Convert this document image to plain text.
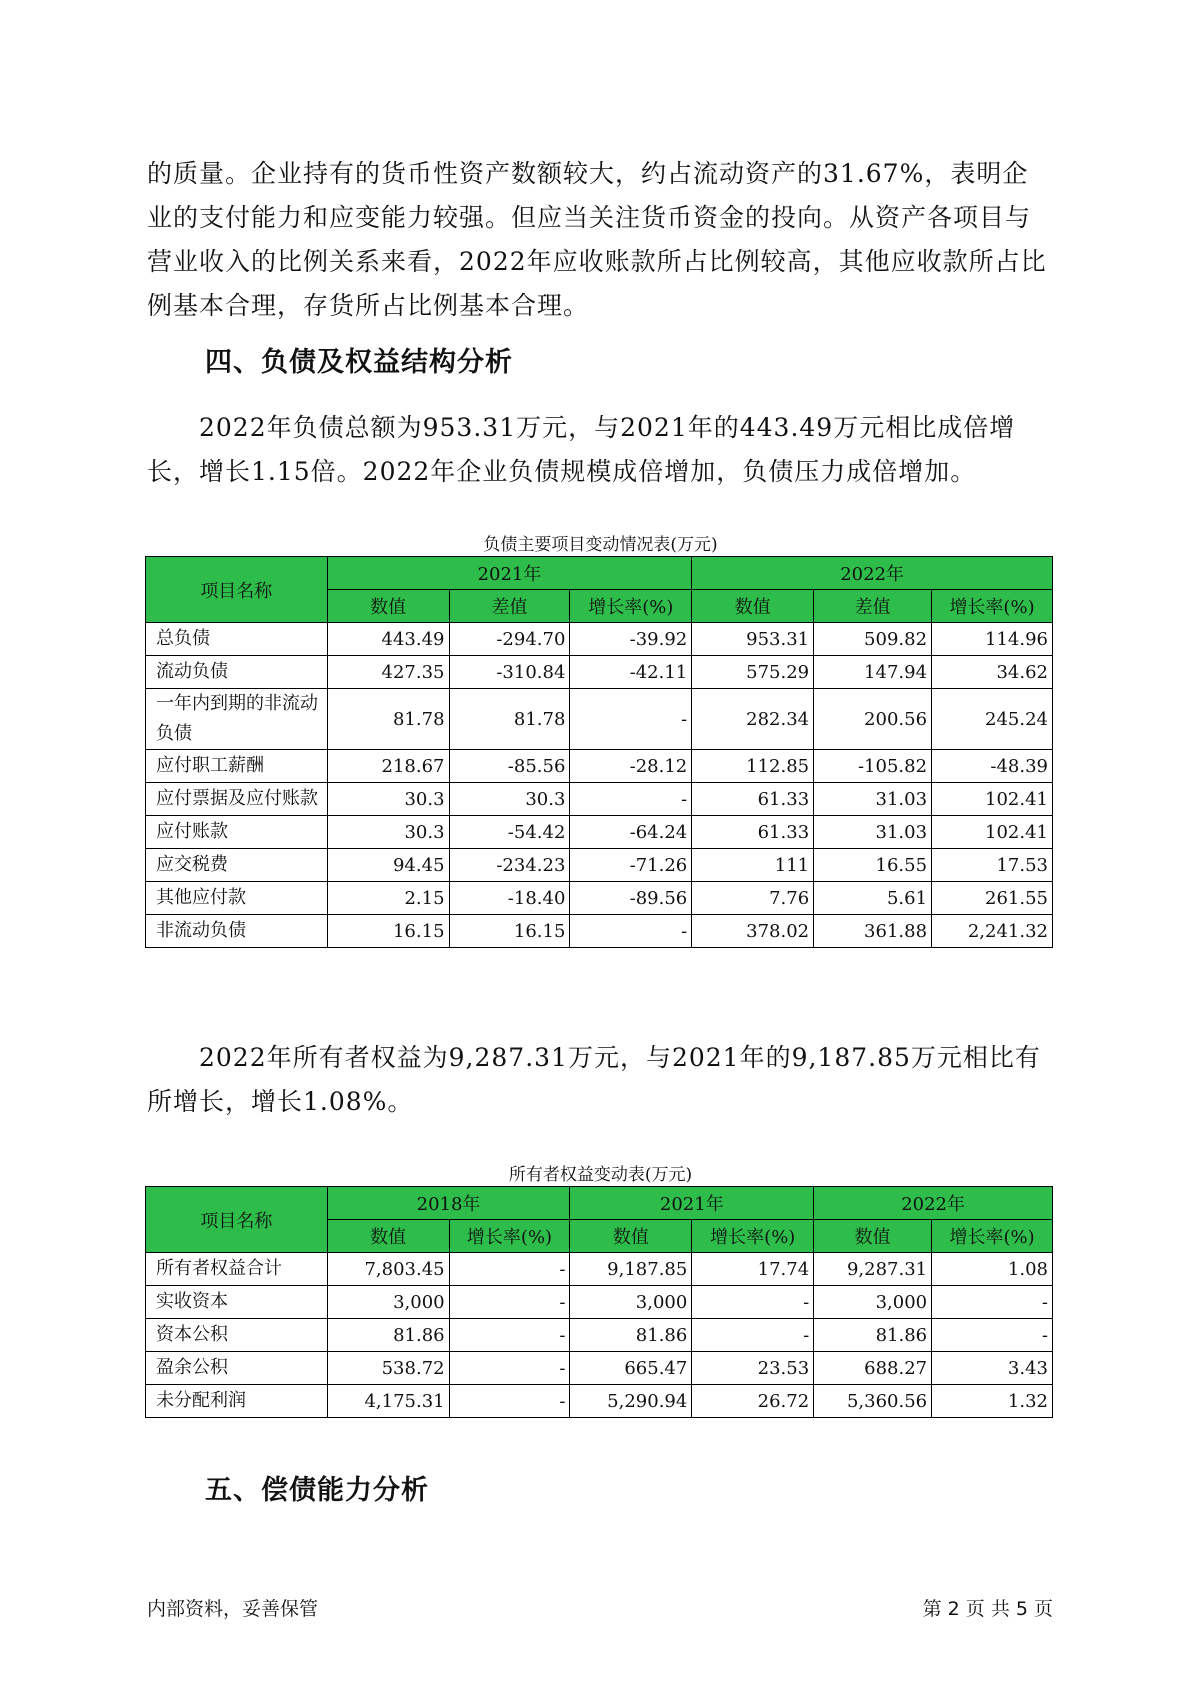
的质量。企业持有的货币性资产数额较大，约占流动资产的31.67%，表明企业的支付能力和应变能力较强。但应当关注货币资金的投向。从资产各项目与营业收入的比例关系来看，2022年应收账款所占比例较高，其他应收款所占比例基本合理，存货所占比例基本合理。

四、负债及权益结构分析

2022年负债总额为953.31万元，与2021年的443.49万元相比成倍增长，增长1.15倍。2022年企业负债规模成倍增加，负债压力成倍增加。

负债主要项目变动情况表(万元)

项目名称	2021年			2022年		
	数值	差值	增长率(%)	数值	差值	增长率(%)
总负债	443.49	-294.70	-39.92	953.31	509.82	114.96
流动负债	427.35	-310.84	-42.11	575.29	147.94	34.62
一年内到期的非流动负债	81.78	81.78	-	282.34	200.56	245.24
应付职工薪酬	218.67	-85.56	-28.12	112.85	-105.82	-48.39
应付票据及应付账款	30.3	30.3	-	61.33	31.03	102.41
应付账款	30.3	-54.42	-64.24	61.33	31.03	102.41
应交税费	94.45	-234.23	-71.26	111	16.55	17.53
其他应付款	2.15	-18.40	-89.56	7.76	5.61	261.55
非流动负债	16.15	16.15	-	378.02	361.88	2,241.32

2022年所有者权益为9,287.31万元，与2021年的9,187.85万元相比有所增长，增长1.08%。

所有者权益变动表(万元)

项目名称	2018年		2021年		2022年	
	数值	增长率(%)	数值	增长率(%)	数值	增长率(%)
所有者权益合计	7,803.45	-	9,187.85	17.74	9,287.31	1.08
实收资本	3,000	-	3,000	-	3,000	-
资本公积	81.86	-	81.86	-	81.86	-
盈余公积	538.72	-	665.47	23.53	688.27	3.43
未分配利润	4,175.31	-	5,290.94	26.72	5,360.56	1.32
五、偿债能力分析
内部资料，妥善保管	第 2 页 共 5 页
